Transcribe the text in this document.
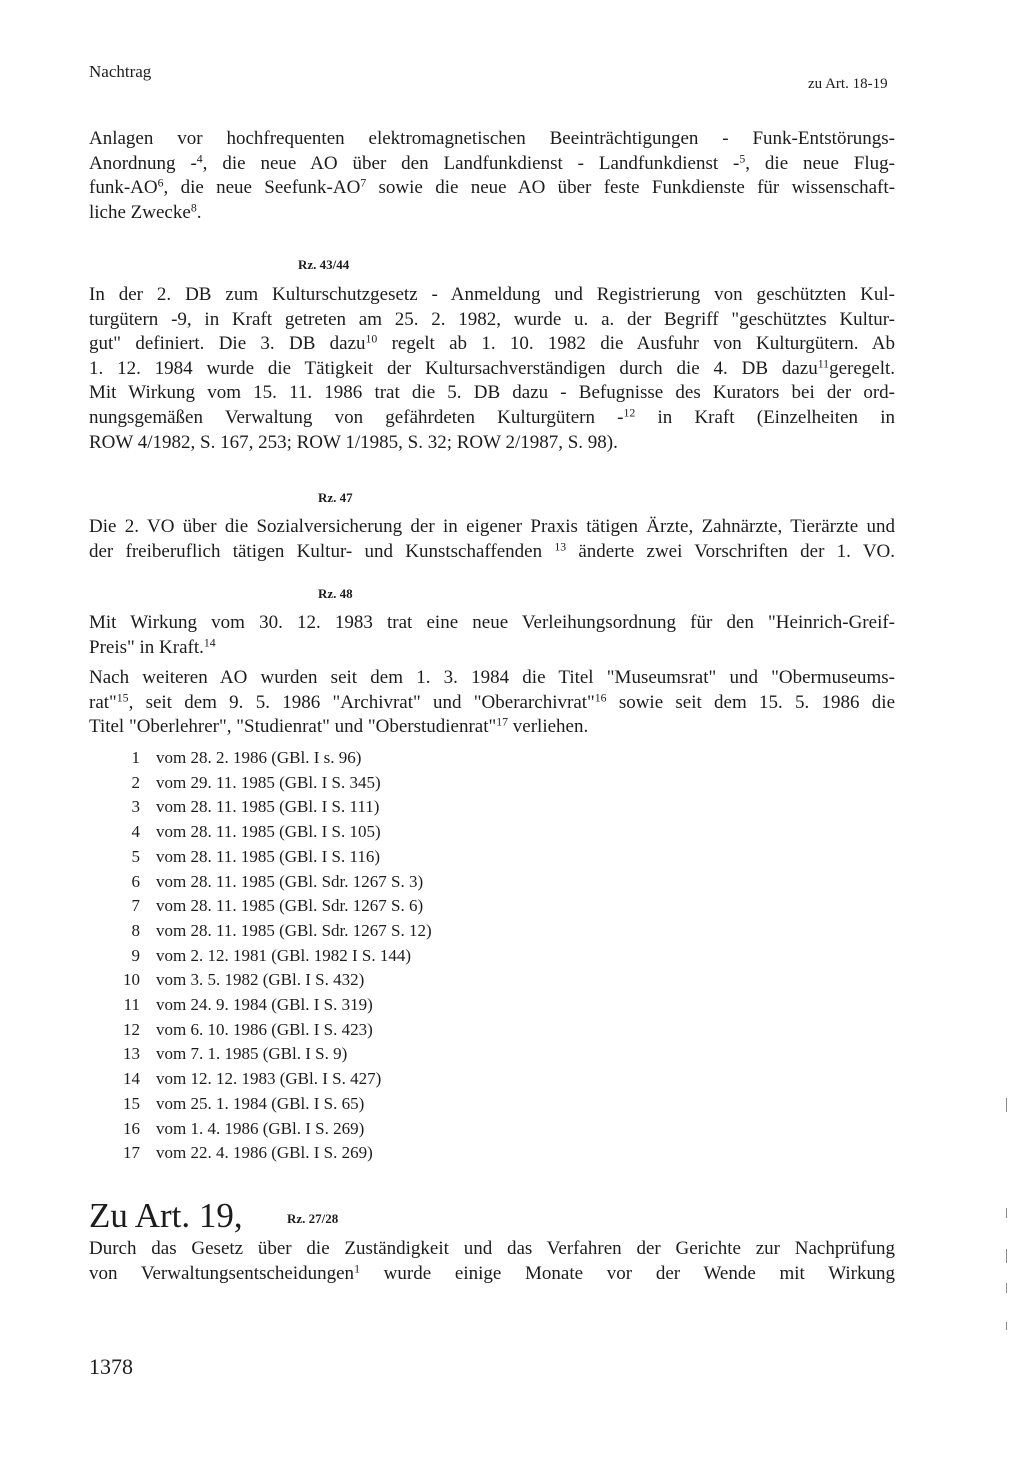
Nachtrag
zu Art. 18-19
Anlagen vor hochfrequenten elektromagnetischen Beeinträchtigungen - Funk-Entstörungs-
Anordnung -$^4$, die neue AO über den Landfunkdienst - Landfunkdienst -$^5$, die neue Flug-
funk-$AO^6$, die neue Seefunk-$AO^7$ sowie die neue AO über feste Funkdienste für wissenschaft-
liche Zwecke$^8$.
Rz. 43/44
In der 2. DB zum Kulturschutzgesetz - Anmeldung und Registrierung von geschützten Kul-
turgütern -9, in Kraft getreten am 25. 2. 1982, wurde u. a. der Begriff "geschütztes Kultur-
gut" definiert. Die 3. DB dazu$^{10}$ regelt ab 1. 10. 1982 die Ausfuhr von Kulturgütern. Ab
1. 12. 1984 wurde die Tätigkeit der Kultursachverständigen durch die 4. DB dazu$^{11}$geregelt.
Mit Wirkung vom 15. 11. 1986 trat die 5. DB dazu - Befugnisse des Kurators bei der ord-
nungsgemäßen Verwaltung von gefährdeten Kulturgütern -$^{12}$ in Kraft (Einzelheiten in
ROW 4/1982, S. 167, 253; ROW 1/1985, S. 32; ROW 2/1987, S. 98).
Rz. 47
Die 2. VO über die Sozialversicherung der in eigener Praxis tätigen Ärzte, Zahnärzte, Tierärzte und
der freiberuflich tätigen Kultur- und Kunstschaffenden $^{13}$ änderte zwei Vorschriften der 1. VO.
Rz. 48
Mit Wirkung vom 30. 12. 1983 trat eine neue Verleihungsordnung für den "Heinrich-Greif-
Preis" in Kraft.$^{14}$
Nach weiteren AO wurden seit dem 1. 3. 1984 die Titel "Museumsrat" und "Obermuseums-
rat"$^{15}$, seit dem 9. 5. 1986 "Archivrat" und "Oberarchivrat"$^{16}$ sowie seit dem 15. 5. 1986 die
Titel "Oberlehrer", "Studienrat" und "Oberstudienrat"$^{17}$ verliehen.
1 vom 28. 2. 1986 (GBl. I s. 96)
2 vom 29. 11. 1985 (GBl. I S. 345)
3 vom 28. 11. 1985 (GBl. I S. 111)
4 vom 28. 11. 1985 (GBl. I S. 105)
5 vom 28. 11. 1985 (GBl. I S. 116)
6 vom 28. 11. 1985 (GBl. Sdr. 1267 S. 3)
7 vom 28. 11. 1985 (GBl. Sdr. 1267 S. 6)
8 vom 28. 11. 1985 (GBl. Sdr. 1267 S. 12)
9 vom 2. 12. 1981 (GBl. 1982 I S. 144)
10 vom 3. 5. 1982 (GBl. I S. 432)
11 vom 24. 9. 1984 (GBl. I S. 319)
12 vom 6. 10. 1986 (GBl. I S. 423)
13 vom 7. 1. 1985 (GBl. I S. 9)
14 vom 12. 12. 1983 (GBl. I S. 427)
15 vom 25. 1. 1984 (GBl. I S. 65)
16 vom 1. 4. 1986 (GBl. I S. 269)
17 vom 22. 4. 1986 (GBl. I S. 269)
Zu Art. 19,	Rz. 27/28
Durch das Gesetz über die Zuständigkeit und das Verfahren der Gerichte zur Nachprüfung
von Verwaltungsentscheidungen$^1$ wurde einige Monate vor der Wende mit Wirkung
1378
